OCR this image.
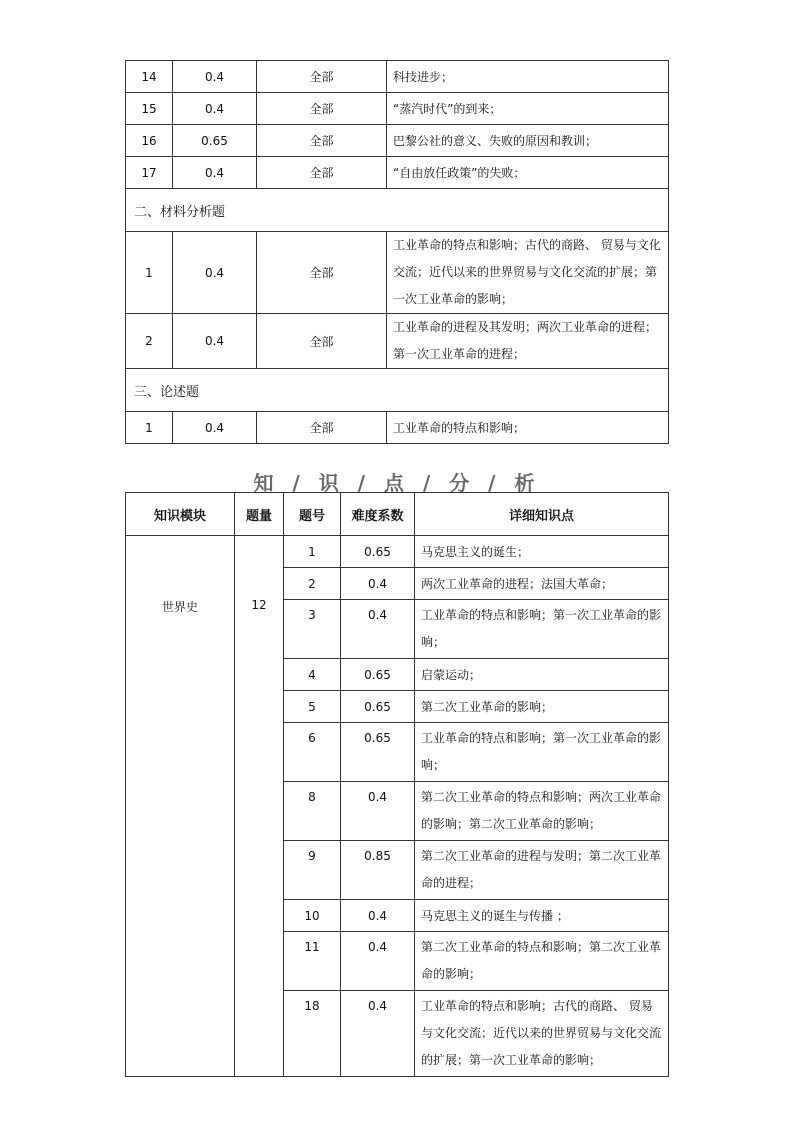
14	0.4	全部	科技进步；
15	0.4	全部	“蒸汽时代”的到来；
16	0.65	全部	巴黎公社的意义、失败的原因和教训；
17	0.4	全部	“自由放任政策”的失败；
二、材料分析题			
1	0.4	全部	工业革命的特点和影响；古代的商路、 贸易与文化交流；近代以来的世界贸易与文化交流的扩展；第一次工业革命的影响；
2	0.4	全部	工业革命的进程及其发明；两次工业革命的进程；第一次工业革命的进程；
三、论述题			
1	0.4	全部	工业革命的特点和影响；
知 / 识 / 点 / 分 / 析
知识模块	题量	题号	难度系数	详细知识点
世界史	12	1	0.65	马克思主义的诞生；
		2	0.4	两次工业革命的进程；法国大革命；
		3	0.4	工业革命的特点和影响；第一次工业革命的影响；
		4	0.65	启蒙运动；
		5	0.65	第二次工业革命的影响；
		6	0.65	工业革命的特点和影响；第一次工业革命的影响；
		8	0.4	第二次工业革命的特点和影响；两次工业革命的影响；第二次工业革命的影响；
		9	0.85	第二次工业革命的进程与发明；第二次工业革命的进程；
		10	0.4	马克思主义的诞生与传播 ；
		11	0.4	第二次工业革命的特点和影响；第二次工业革命的影响；
		18	0.4	工业革命的特点和影响；古代的商路、 贸易与文化交流；近代以来的世界贸易与文化交流的扩展；第一次工业革命的影响；
